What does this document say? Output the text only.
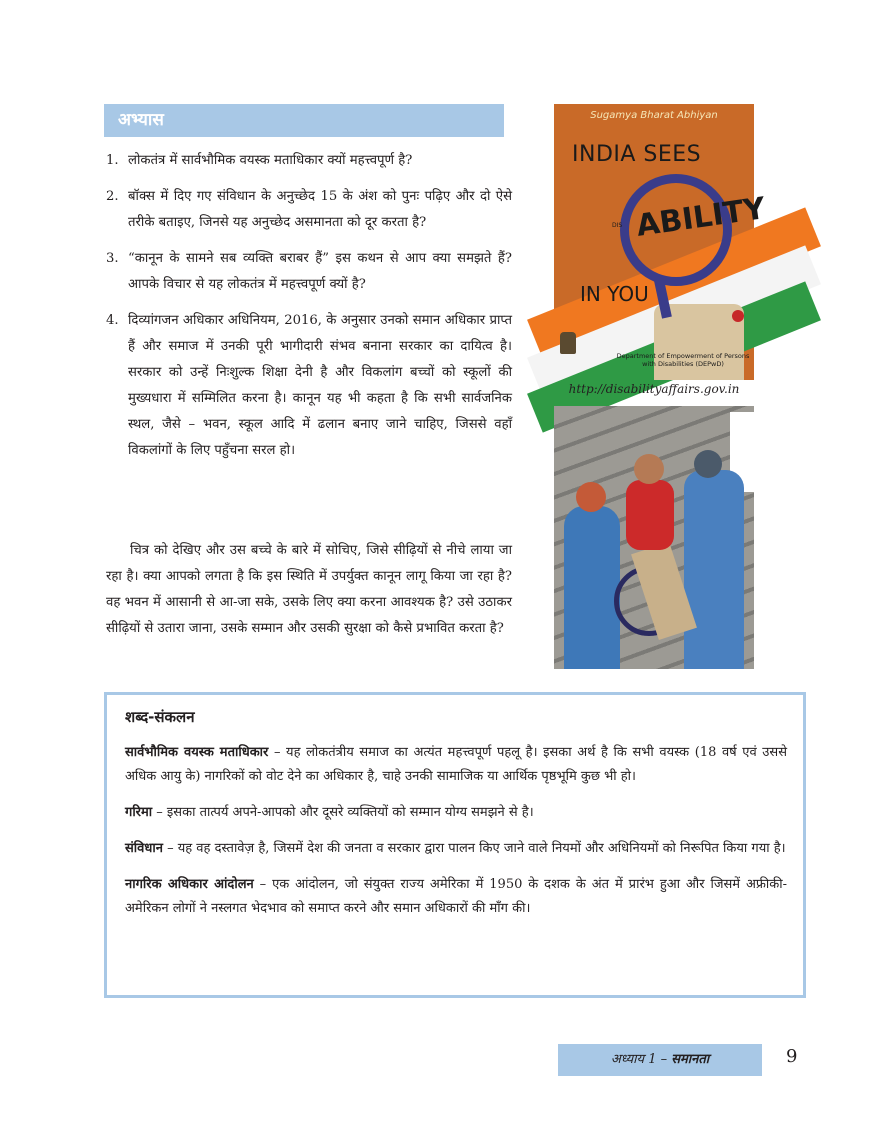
अभ्यास
1. लोकतंत्र में सार्वभौमिक वयस्क मताधिकार क्यों महत्त्वपूर्ण है?
2. बॉक्स में दिए गए संविधान के अनुच्छेद 15 के अंश को पुनः पढ़िए और दो ऐसे तरीके बताइए, जिनसे यह अनुच्छेद असमानता को दूर करता है?
3. “कानून के सामने सब व्यक्ति बराबर हैं” इस कथन से आप क्या समझते हैं? आपके विचार से यह लोकतंत्र में महत्त्वपूर्ण क्यों है?
4. दिव्यांगजन अधिकार अधिनियम, 2016, के अनुसार उनको समान अधिकार प्राप्त हैं और समाज में उनकी पूरी भागीदारी संभव बनाना सरकार का दायित्व है। सरकार को उन्हें निःशुल्क शिक्षा देनी है और विकलांग बच्चों को स्कूलों की मुख्यधारा में सम्मिलित करना है। कानून यह भी कहता है कि सभी सार्वजनिक स्थल, जैसे – भवन, स्कूल आदि में ढलान बनाए जाने चाहिए, जिससे वहाँ विकलांगों के लिए पहुँचना सरल हो।

चित्र को देखिए और उस बच्चे के बारे में सोचिए, जिसे सीढ़ियों से नीचे लाया जा रहा है। क्या आपको लगता है कि इस स्थिति में उपर्युक्त कानून लागू किया जा रहा है? वह भवन में आसानी से आ-जा सके, उसके लिए क्या करना आवश्यक है? उसे उठाकर सीढ़ियों से उतारा जाना, उसके सम्मान और उसकी सुरक्षा को कैसे प्रभावित करता है?

Sugamya Bharat Abhiyan
INDIA SEES
DIS ABILITY
IN YOU
Department of Empowerment of Persons with Disabilities (DEPwD)
http://disabilityaffairs.gov.in
शब्द-संकलन

सार्वभौमिक वयस्क मताधिकार – यह लोकतंत्रीय समाज का अत्यंत महत्त्वपूर्ण पहलू है। इसका अर्थ है कि सभी वयस्क (18 वर्ष एवं उससे अधिक आयु के) नागरिकों को वोट देने का अधिकार है, चाहे उनकी सामाजिक या आर्थिक पृष्ठभूमि कुछ भी हो।

गरिमा – इसका तात्पर्य अपने-आपको और दूसरे व्यक्तियों को सम्मान योग्य समझने से है।

संविधान – यह वह दस्तावेज़ है, जिसमें देश की जनता व सरकार द्वारा पालन किए जाने वाले नियमों और अधिनियमों को निरूपित किया गया है।

नागरिक अधिकार आंदोलन – एक आंदोलन, जो संयुक्त राज्य अमेरिका में 1950 के दशक के अंत में प्रारंभ हुआ और जिसमें अफ्रीकी-अमेरिकन लोगों ने नस्लगत भेदभाव को समाप्त करने और समान अधिकारों की माँग की।

अध्याय 1 – समानता	9
